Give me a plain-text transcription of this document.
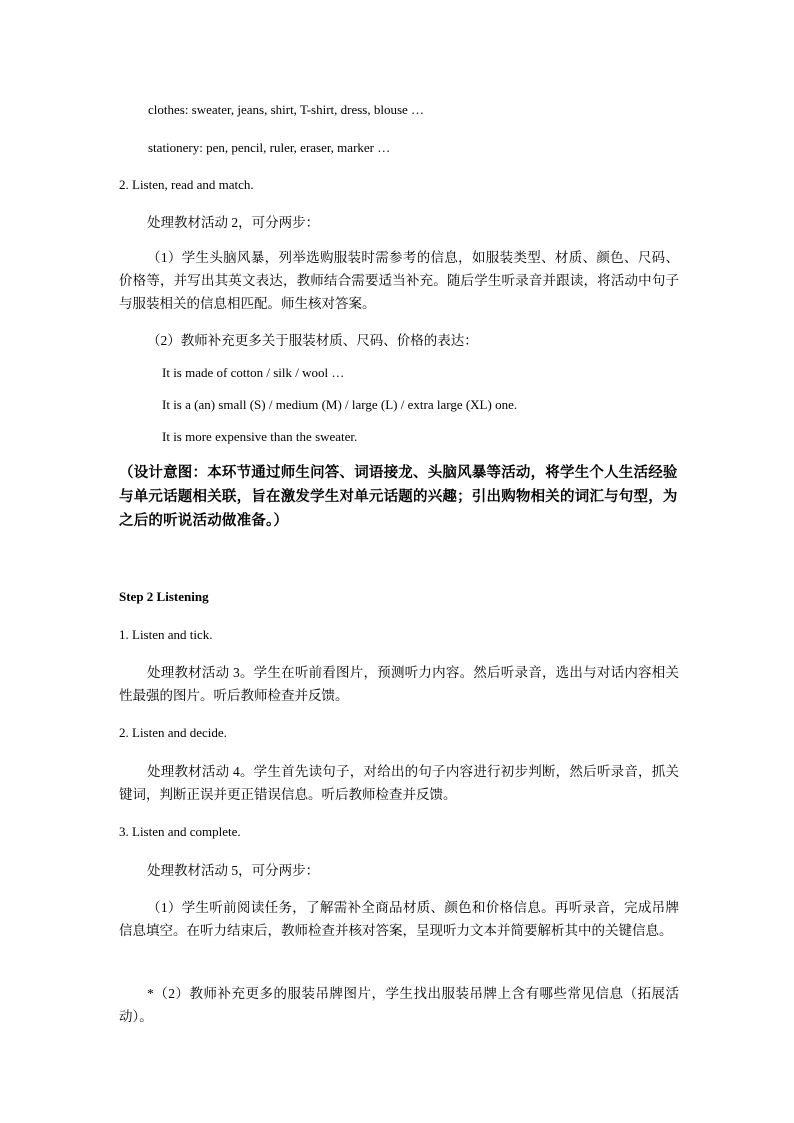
clothes: sweater, jeans, shirt, T-shirt, dress, blouse …
stationery: pen, pencil, ruler, eraser, marker …
2. Listen, read and match.
处理教材活动 2，可分两步：
（1）学生头脑风暴，列举选购服装时需参考的信息，如服装类型、材质、颜色、尺码、价格等，并写出其英文表达，教师结合需要适当补充。随后学生听录音并跟读，将活动中句子与服装相关的信息相匹配。师生核对答案。
（2）教师补充更多关于服装材质、尺码、价格的表达：
It is made of cotton / silk / wool …
It is a (an) small (S) / medium (M) / large (L) / extra large (XL) one.
It is more expensive than the sweater.
（设计意图：本环节通过师生问答、词语接龙、头脑风暴等活动，将学生个人生活经验与单元话题相关联，旨在激发学生对单元话题的兴趣；引出购物相关的词汇与句型，为之后的听说活动做准备。）
Step 2 Listening
1. Listen and tick.
处理教材活动 3。学生在听前看图片，预测听力内容。然后听录音，选出与对话内容相关性最强的图片。听后教师检查并反馈。
2. Listen and decide.
处理教材活动 4。学生首先读句子，对给出的句子内容进行初步判断，然后听录音，抓关键词，判断正误并更正错误信息。听后教师检查并反馈。
3. Listen and complete.
处理教材活动 5，可分两步：
（1）学生听前阅读任务，了解需补全商品材质、颜色和价格信息。再听录音，完成吊牌信息填空。在听力结束后，教师检查并核对答案，呈现听力文本并简要解析其中的关键信息。
*（2）教师补充更多的服装吊牌图片，学生找出服装吊牌上含有哪些常见信息（拓展活动）。
